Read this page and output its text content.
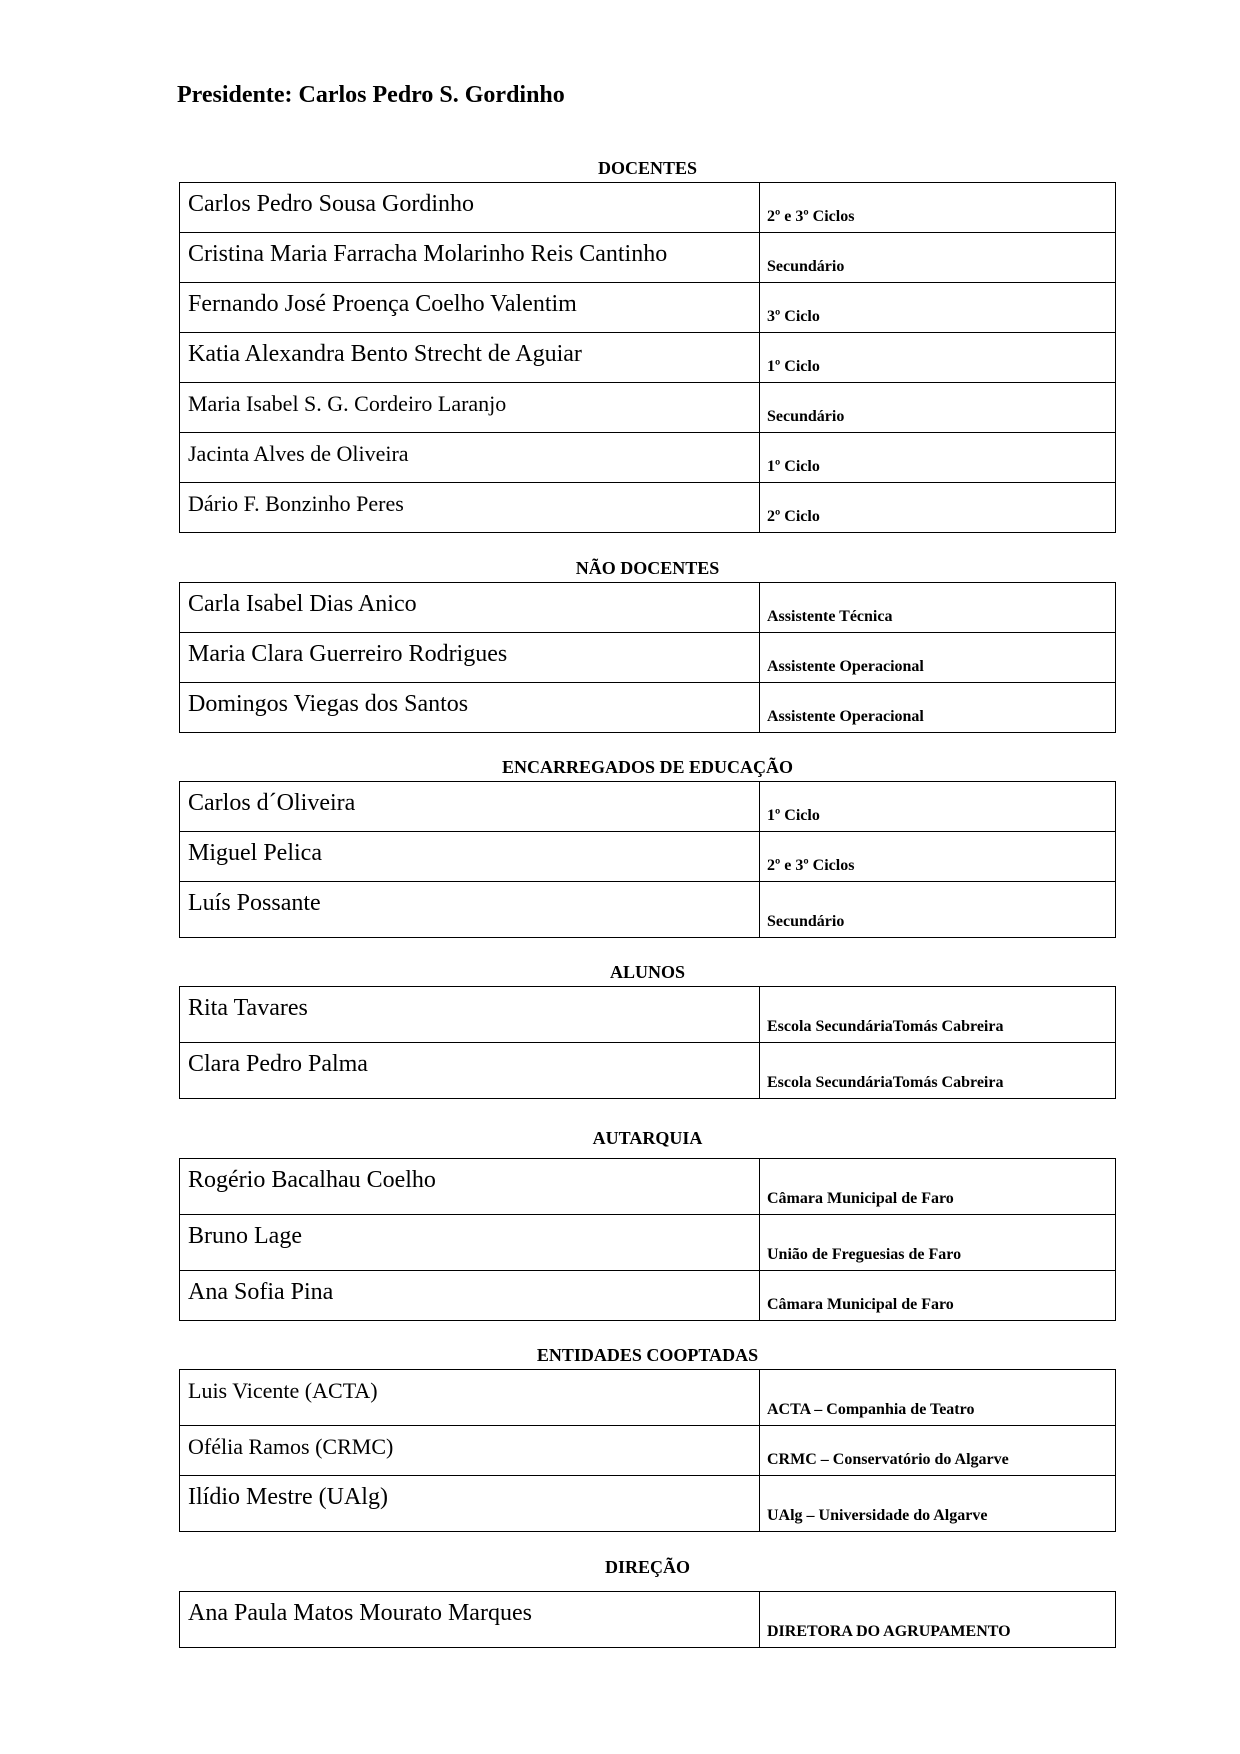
Presidente: Carlos Pedro S. Gordinho
DOCENTES
Carlos Pedro Sousa Gordinho	2º e 3º Ciclos
Cristina Maria Farracha Molarinho Reis Cantinho	Secundário
Fernando José Proença Coelho Valentim	3º Ciclo
Katia Alexandra Bento Strecht de Aguiar	1º Ciclo
Maria Isabel S. G. Cordeiro Laranjo	Secundário
Jacinta Alves de Oliveira	1º Ciclo
Dário F. Bonzinho Peres	2º Ciclo
NÃO DOCENTES
Carla Isabel Dias Anico	Assistente Técnica
Maria Clara Guerreiro Rodrigues	Assistente Operacional
Domingos Viegas dos Santos	Assistente Operacional
ENCARREGADOS DE EDUCAÇÃO
Carlos d´Oliveira	1º Ciclo
Miguel Pelica	2º e 3º Ciclos
Luís Possante	Secundário
ALUNOS
Rita Tavares	Escola SecundáriaTomás Cabreira
Clara Pedro Palma	Escola SecundáriaTomás Cabreira
AUTARQUIA
Rogério Bacalhau Coelho	Câmara Municipal de Faro
Bruno Lage	União de Freguesias de Faro
Ana Sofia Pina	Câmara Municipal de Faro
ENTIDADES COOPTADAS
Luis Vicente (ACTA)	ACTA – Companhia de Teatro
Ofélia Ramos (CRMC)	CRMC – Conservatório do Algarve
Ilídio Mestre (UAlg)	UAlg – Universidade do Algarve
DIREÇÃO
Ana Paula Matos Mourato Marques	DIRETORA DO AGRUPAMENTO
